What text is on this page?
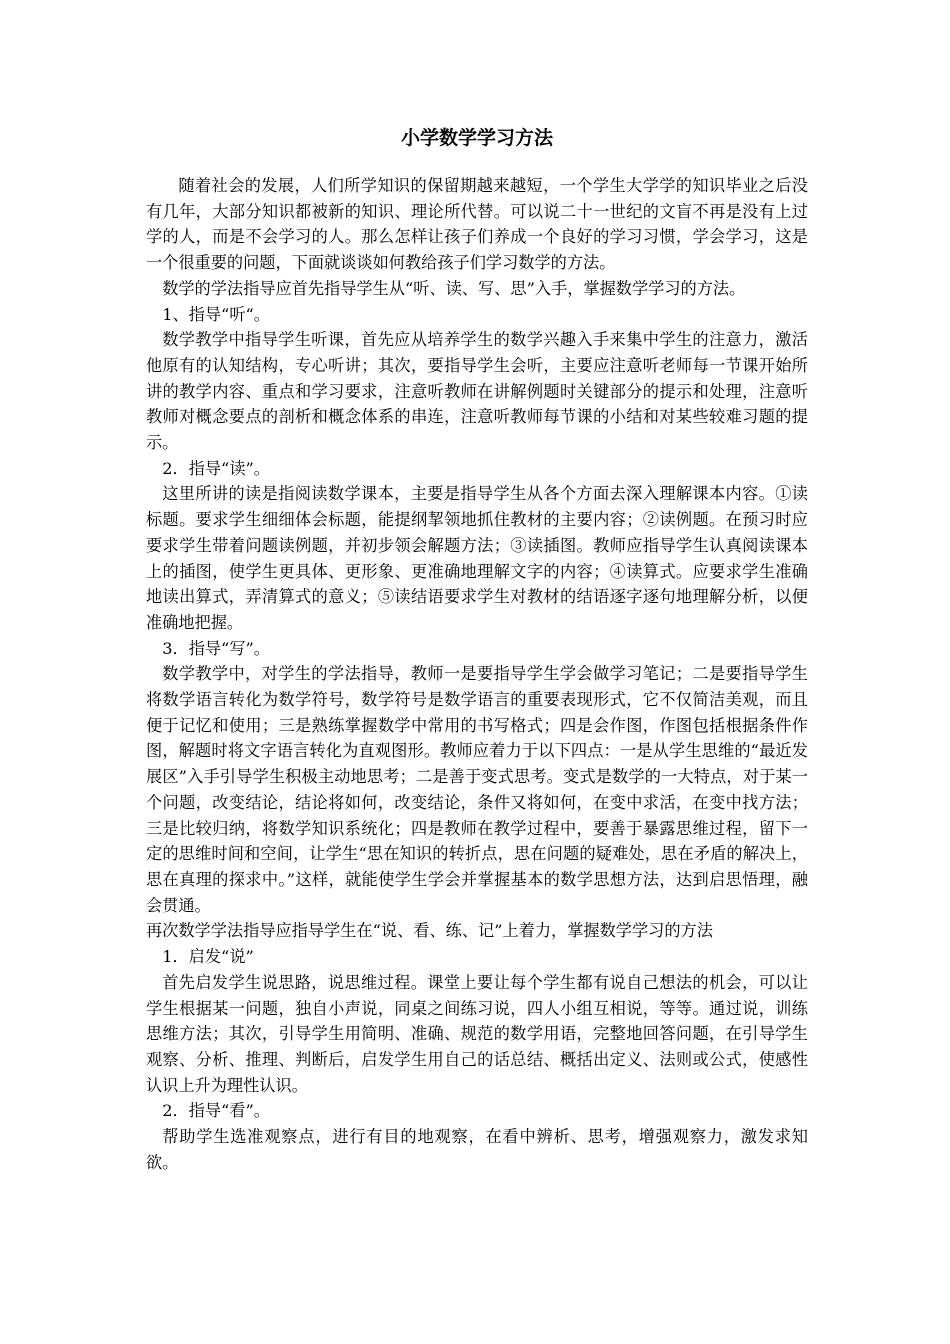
小学数学学习方法

随着社会的发展，人们所学知识的保留期越来越短，一个学生大学学的知识毕业之后没有几年，大部分知识都被新的知识、理论所代替。可以说二十一世纪的文盲不再是没有上过学的人，而是不会学习的人。那么怎样让孩子们养成一个良好的学习习惯，学会学习，这是一个很重要的问题，下面就谈谈如何教给孩子们学习数学的方法。

数学的学法指导应首先指导学生从“听、读、写、思”入手，掌握数学学习的方法。

1、指导“听“。

数学教学中指导学生听课，首先应从培养学生的数学兴趣入手来集中学生的注意力，激活他原有的认知结构，专心听讲；其次，要指导学生会听，主要应注意听老师每一节课开始所讲的教学内容、重点和学习要求，注意听教师在讲解例题时关键部分的提示和处理，注意听教师对概念要点的剖析和概念体系的串连，注意听教师每节课的小结和对某些较难习题的提示。

2．指导“读”。

这里所讲的读是指阅读数学课本，主要是指导学生从各个方面去深入理解课本内容。①读标题。要求学生细细体会标题，能提纲挈领地抓住教材的主要内容；②读例题。在预习时应要求学生带着问题读例题，并初步领会解题方法；③读插图。教师应指导学生认真阅读课本上的插图，使学生更具体、更形象、更准确地理解文字的内容；④读算式。应要求学生准确地读出算式，弄清算式的意义；⑤读结语要求学生对教材的结语逐字逐句地理解分析，以便准确地把握。

3．指导“写”。

数学教学中，对学生的学法指导，教师一是要指导学生学会做学习笔记；二是要指导学生将数学语言转化为数学符号，数学符号是数学语言的重要表现形式，它不仅简洁美观，而且便于记忆和使用；三是熟练掌握数学中常用的书写格式；四是会作图，作图包括根据条件作图，解题时将文字语言转化为直观图形。教师应着力于以下四点：一是从学生思维的“最近发展区”入手引导学生积极主动地思考；二是善于变式思考。变式是数学的一大特点，对于某一个问题，改变结论，结论将如何，改变结论，条件又将如何，在变中求活，在变中找方法；三是比较归纳，将数学知识系统化；四是教师在教学过程中，要善于暴露思维过程，留下一定的思维时间和空间，让学生“思在知识的转折点，思在问题的疑难处，思在矛盾的解决上，思在真理的探求中。”这样，就能使学生学会并掌握基本的数学思想方法，达到启思悟理，融会贯通。

再次数学学法指导应指导学生在“说、看、练、记”上着力，掌握数学学习的方法

1．启发“说”

首先启发学生说思路，说思维过程。课堂上要让每个学生都有说自己想法的机会，可以让学生根据某一问题，独自小声说，同桌之间练习说，四人小组互相说，等等。通过说，训练思维方法；其次，引导学生用简明、准确、规范的数学用语，完整地回答问题，在引导学生观察、分析、推理、判断后，启发学生用自己的话总结、概括出定义、法则或公式，使感性认识上升为理性认识。

2．指导“看”。

帮助学生选准观察点，进行有目的地观察，在看中辨析、思考，增强观察力，激发求知欲。
